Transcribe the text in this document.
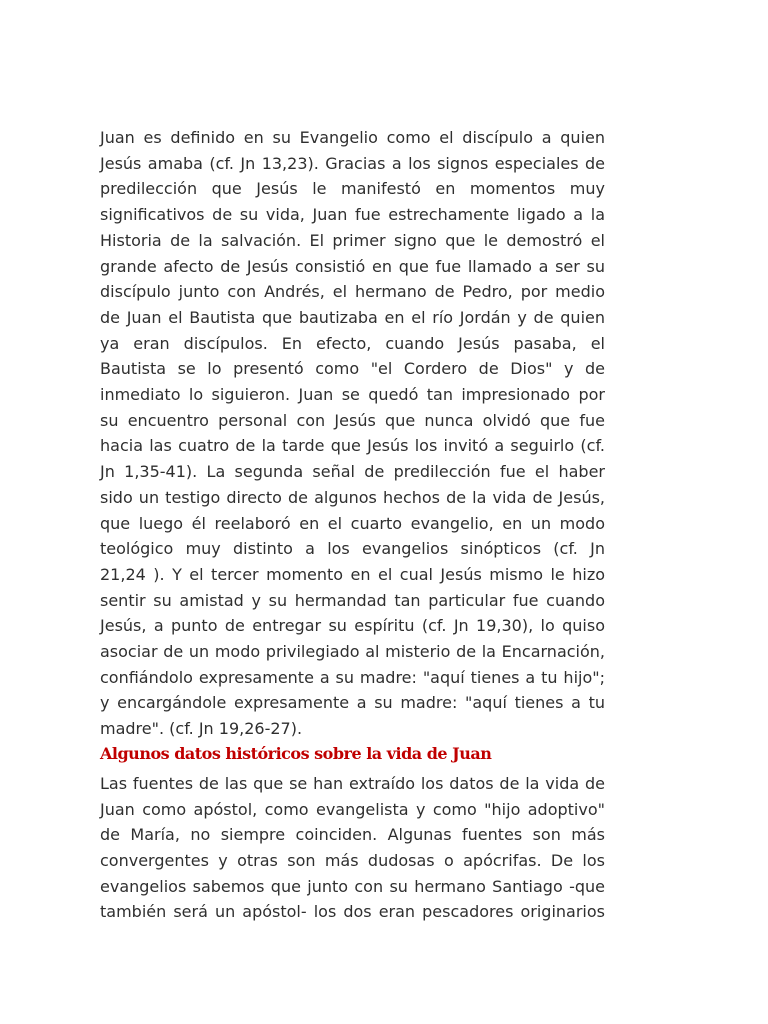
Juan es definido en su Evangelio como el discípulo a quien
Jesús amaba (cf. Jn 13,23). Gracias a los signos especiales de
predilección que Jesús le manifestó en momentos muy
significativos de su vida, Juan fue estrechamente ligado a la
Historia de la salvación. El primer signo que le demostró el
grande afecto de Jesús consistió en que fue llamado a ser su
discípulo junto con Andrés, el hermano de Pedro, por medio
de Juan el Bautista que bautizaba en el río Jordán y de quien
ya eran discípulos. En efecto, cuando Jesús pasaba, el
Bautista se lo presentó como "el Cordero de Dios" y de
inmediato lo siguieron. Juan se quedó tan impresionado por
su encuentro personal con Jesús que nunca olvidó que fue
hacia las cuatro de la tarde que Jesús los invitó a seguirlo (cf.
Jn 1,35-41). La segunda señal de predilección fue el haber
sido un testigo directo de algunos hechos de la vida de Jesús,
que luego él reelaboró en el cuarto evangelio, en un modo
teológico muy distinto a los evangelios sinópticos (cf. Jn
21,24 ). Y el tercer momento en el cual Jesús mismo le hizo
sentir su amistad y su hermandad tan particular fue cuando
Jesús, a punto de entregar su espíritu (cf. Jn 19,30), lo quiso
asociar de un modo privilegiado al misterio de la Encarnación,
confiándolo expresamente a su madre: "aquí tienes a tu hijo";
y encargándole expresamente a su madre: "aquí tienes a tu
madre". (cf. Jn 19,26-27).
Algunos datos históricos sobre la vida de Juan
Las fuentes de las que se han extraído los datos de la vida de
Juan como apóstol, como evangelista y como "hijo adoptivo"
de María, no siempre coinciden. Algunas fuentes son más
convergentes y otras son más dudosas o apócrifas. De los
evangelios sabemos que junto con su hermano Santiago -que
también será un apóstol- los dos eran pescadores originarios
